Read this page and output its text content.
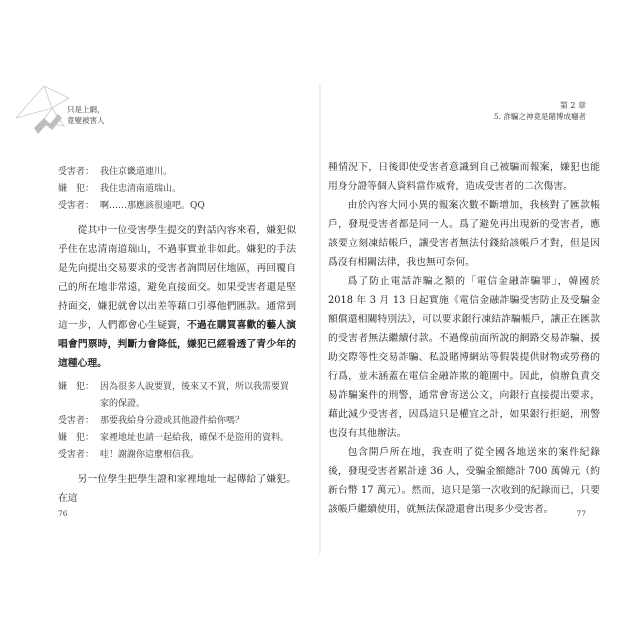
只是上網，
竟變被害人
受害者： 我住京畿道連川。
嫌　犯： 我住忠清南道瑞山。
受害者： 啊……那應該很遠吧。QQ

從其中一位受害學生提交的對話內容來看，嫌犯似乎住在忠清南道瑞山，不過事實並非如此。嫌犯的手法是先向提出交易要求的受害者詢問居住地區，再回覆自己的所在地非常遠，避免直接面交。如果受害者還是堅持面交，嫌犯就會以出差等藉口引導他們匯款。通常到這一步，人們都會心生疑竇，不過在購買喜歡的藝人演唱會門票時，判斷力會降低，嫌犯已經看透了青少年的這種心理。

嫌　犯： 因為很多人說要買，後來又不買，所以我需要買家的保證。
受害者： 那要我給身分證或其他證件給你嗎？
嫌　犯： 家裡地址也請一起給我，確保不是盜用的資料。
受害者： 哇！謝謝你這麼相信我。

另一位學生把學生證和家裡地址一起傳給了嫌犯。在這

76
第 2 章
5. 詐騙之神竟是賭博成癮者

種情況下，日後即使受害者意識到自己被騙而報案，嫌犯也能用身分證等個人資料當作威脅，造成受害者的二次傷害。

由於內容大同小異的報案次數不斷增加，我核對了匯款帳戶，發現受害者都是同一人。爲了避免再出現新的受害者，應該要立刻凍結帳戶，讓受害者無法付錢給該帳戶才對，但是因爲沒有相關法律，我也無可奈何。

爲了防止電話詐騙之類的「電信金融詐騙罪」，韓國於 2018 年 3 月 13 日起實施《電信金融詐騙受害防止及受騙金額償還相關特別法》，可以要求銀行凍結詐騙帳戶，讓正在匯款的受害者無法繼續付款。不過像前面所說的網路交易詐騙、援助交際等性交易詐騙、私設賭博網站等假裝提供財物或勞務的行爲，並未涵蓋在電信金融詐欺的範圍中。因此，偵辦負責交易詐騙案件的刑警，通常會寄送公文，向銀行直接提出要求，藉此減少受害者，因爲這只是權宜之計，如果銀行拒絕，刑警也沒有其他辦法。

包含開戶所在地，我查明了從全國各地送來的案件紀錄後，發現受害者累計達 36 人，受騙金額總計 700 萬韓元（約新台幣 17 萬元）。然而，這只是第一次收到的紀錄而已，只要該帳戶繼續使用，就無法保證還會出現多少受害者。	77
